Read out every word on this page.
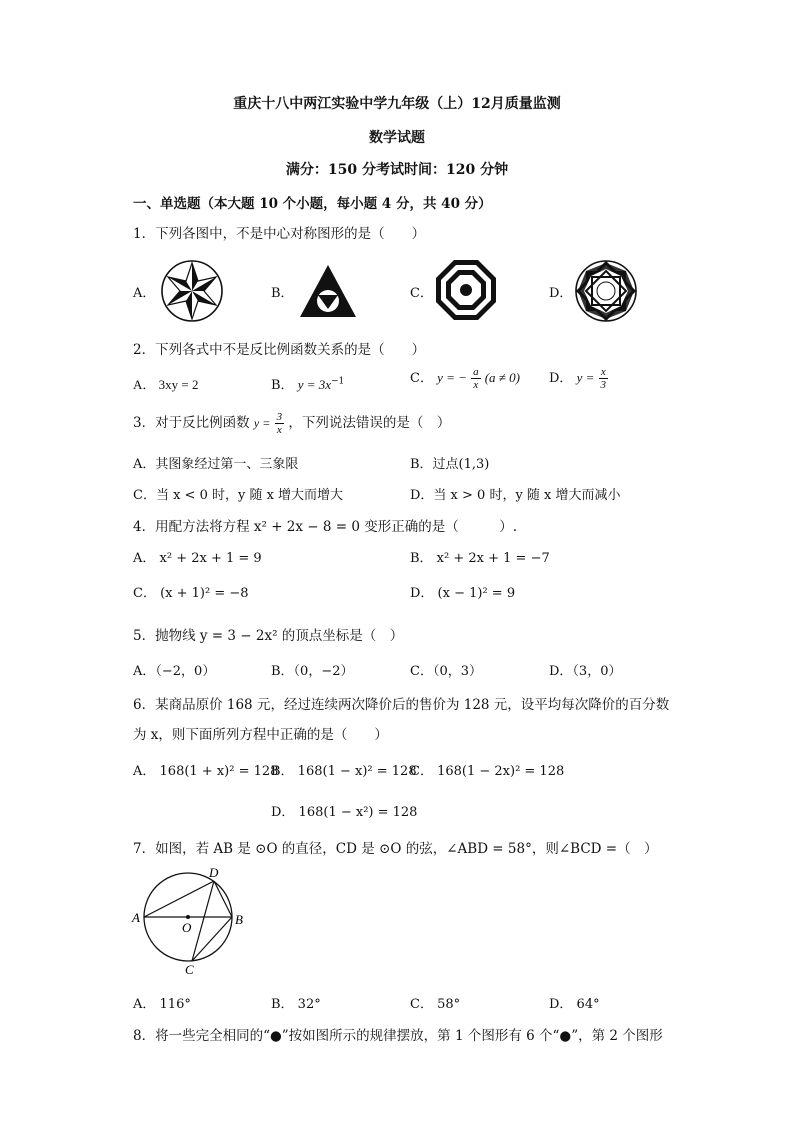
重庆十八中两江实验中学九年级（上）12月质量监测
数学试题
满分：150 分考试时间：120 分钟
一、单选题（本大题 10 个小题，每小题 4 分，共 40 分）
1．下列各图中，不是中心对称图形的是（　　）
A．	B．	C．	D．
2．下列各式中不是反比例函数关系的是（　　）
A． 3xy = 2	B． $y = 3x^{-1}$	C． y = − $\frac{a}{x} (a \ne 0)$ D． $y = \frac{x}{3}$
3．对于反比例函数 $y = \frac{3}{x}$ ，下列说法错误的是（　）
A．其图象经过第一、三象限	B．过点(1,3)
C．当 x < 0 时，y 随 x 增大而增大	D．当 x > 0 时，y 随 x 增大而减小
4．用配方法将方程 x² + 2x − 8 = 0 变形正确的是（　　　）.
A． x² + 2x + 1 = 9	B． x² + 2x + 1 = −7
C． (x + 1)² = −8	D． (x − 1)² = 9
5．抛物线 y = 3 − 2x² 的顶点坐标是（　）
A．（−2，0）	B．（0，−2）	C．（0，3）	D．（3，0）
6．某商品原价 168 元，经过连续两次降价后的售价为 128 元，设平均每次降价的百分数
为 x，则下面所列方程中正确的是（　　）
A． 168(1 + x)² = 128
B． 168(1 − x)² = 128
C． 168(1 − 2x)² = 128
D． 168(1 − x²) = 128
7．如图，若 AB 是 ⊙O 的直径，CD 是 ⊙O 的弦，∠ABD = 58°，则∠BCD =（　）
A	B
C
D
O
A． 116°	B． 32°	C． 58°	D． 64°
8．将一些完全相同的“●”按如图所示的规律摆放，第 1 个图形有 6 个“●”，第 2 个图形
